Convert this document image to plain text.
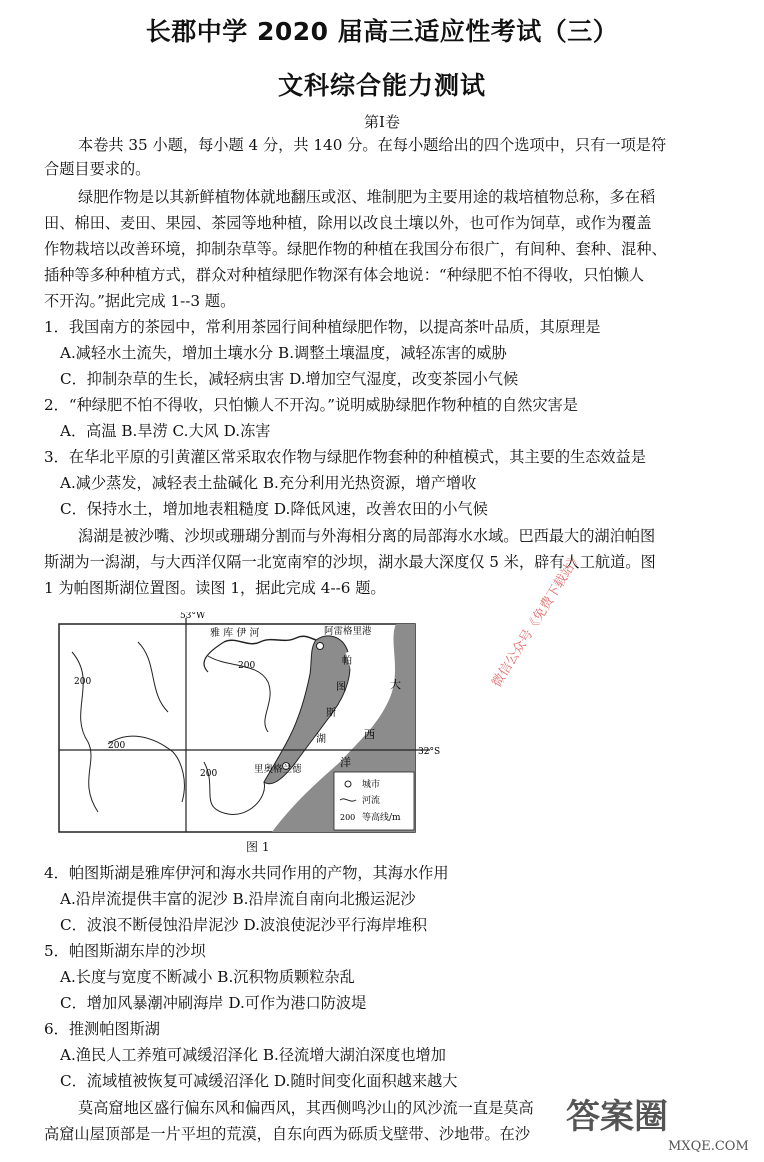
长郡中学 2020 届高三适应性考试（三）
文科综合能力测试
第Ⅰ卷
本卷共 35 小题，每小题 4 分，共 140 分。在每小题给出的四个选项中，只有一项是符
合题目要求的。
绿肥作物是以其新鲜植物体就地翻压或沤、堆制肥为主要用途的栽培植物总称，多在稻
田、棉田、麦田、果园、茶园等地种植，除用以改良土壤以外，也可作为饲草，或作为覆盖
作物栽培以改善环境，抑制杂草等。绿肥作物的种植在我国分布很广，有间种、套种、混种、
插种等多种种植方式，群众对种植绿肥作物深有体会地说：“种绿肥不怕不得收，只怕懒人
不开沟。”据此完成 1--3 题。
1．我国南方的茶园中，常利用茶园行间种植绿肥作物，以提高茶叶品质，其原理是
A.减轻水土流失，增加土壤水分 B.调整土壤温度，减轻冻害的威胁
C．抑制杂草的生长，减轻病虫害 D.增加空气湿度，改变茶园小气候
2．“种绿肥不怕不得收，只怕懒人不开沟。”说明威胁绿肥作物种植的自然灾害是
A．高温 B.旱涝 C.大风 D.冻害
3．在华北平原的引黄灌区常采取农作物与绿肥作物套种的种植模式，其主要的生态效益是
A.减少蒸发，减轻表土盐碱化 B.充分利用光热资源，增产增收
C．保持水土，增加地表粗糙度 D.降低风速，改善农田的小气候
潟湖是被沙嘴、沙坝或珊瑚分割而与外海相分离的局部海水水域。巴西最大的湖泊帕图
斯湖为一潟湖，与大西洋仅隔一北宽南窄的沙坝，湖水最大深度仅 5 米，辟有人工航道。图
1 为帕图斯湖位置图。读图 1，据此完成 4--6 题。
53°W
32°S
雅 库 伊 河	阿雷格里港
里奥格兰德
帕
图
斯
湖
大
西
洋
200
200
200
200
城市
河流
200 等高线/m
图 1
微信公众号《免费下载站》
4．帕图斯湖是雅库伊河和海水共同作用的产物，其海水作用
A.沿岸流提供丰富的泥沙 B.沿岸流自南向北搬运泥沙
C．波浪不断侵蚀沿岸泥沙 D.波浪使泥沙平行海岸堆积
5．帕图斯湖东岸的沙坝
A.长度与宽度不断减小 B.沉积物质颗粒杂乱
C．增加风暴潮冲刷海岸 D.可作为港口防波堤
6．推测帕图斯湖
A.渔民人工养殖可减缓沼泽化 B.径流增大湖泊深度也增加
C．流域植被恢复可减缓沼泽化 D.随时间变化面积越来越大
莫高窟地区盛行偏东风和偏西风，其西侧鸣沙山的风沙流一直是莫高
高窟山屋顶部是一片平坦的荒漠，自东向西为砾质戈壁带、沙地带。在沙 答案圈
MXQE.COM
